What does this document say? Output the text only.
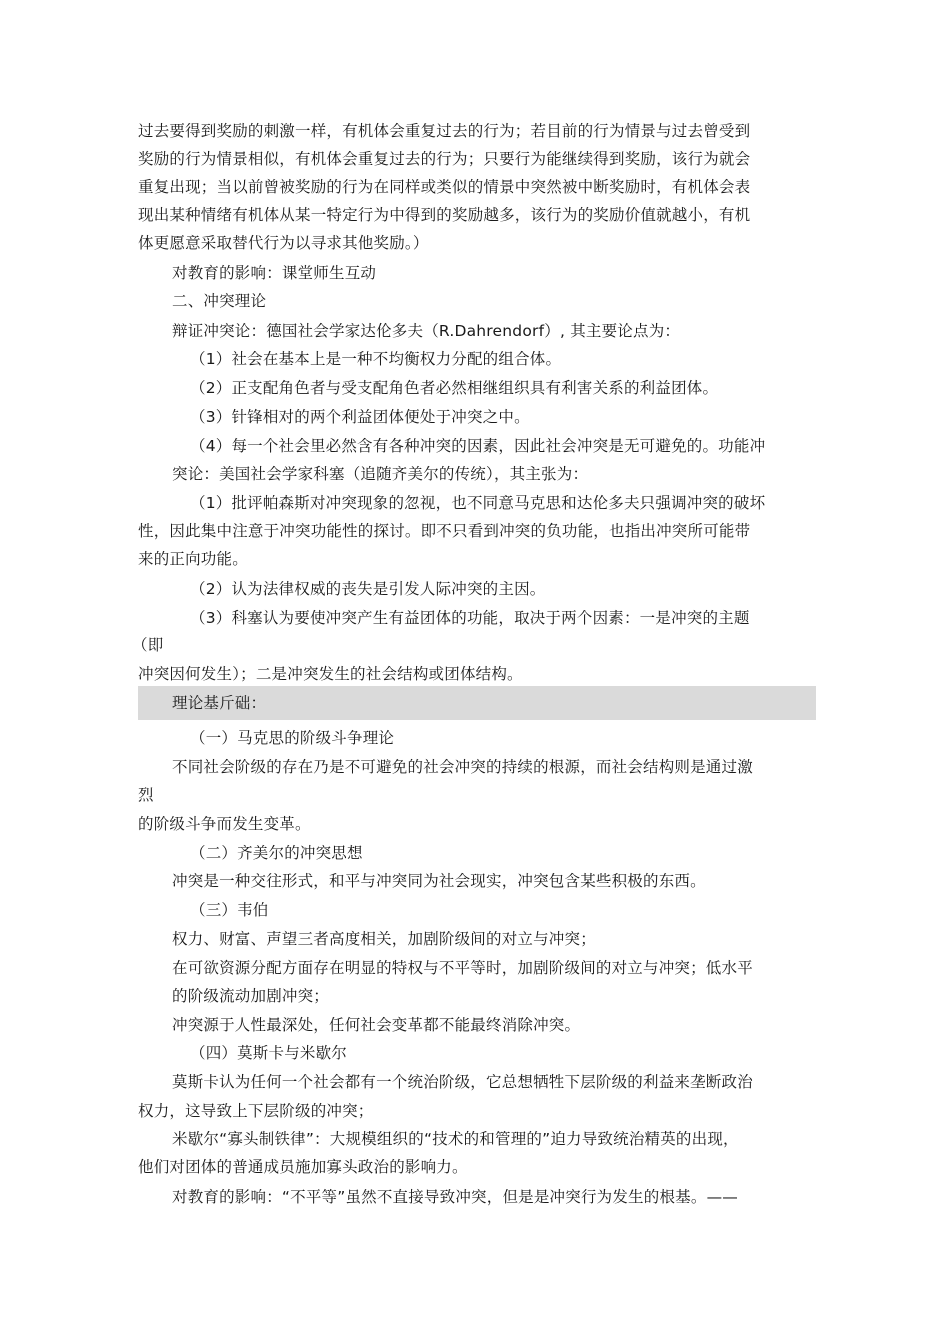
过去要得到奖励的刺激一样，有机体会重复过去的行为；若目前的行为情景与过去曾受到
奖励的行为情景相似，有机体会重复过去的行为；只要行为能继续得到奖励，该行为就会
重复出现；当以前曾被奖励的行为在同样或类似的情景中突然被中断奖励时，有机体会表
现出某种情绪有机体从某一特定行为中得到的奖励越多，该行为的奖励价值就越小，有机
体更愿意采取替代行为以寻求其他奖励。）
对教育的影响：课堂师生互动
二、冲突理论
辩证冲突论：德国社会学家达伦多夫（R.Dahrendorf）, 其主要论点为：
（1）社会在基本上是一种不均衡权力分配的组合体。
（2）正支配角色者与受支配角色者必然相继组织具有利害关系的利益团体。
（3）针锋相对的两个利益团体便处于冲突之中。
（4）每一个社会里必然含有各种冲突的因素，因此社会冲突是无可避免的。功能冲
突论：美国社会学家科塞（追随齐美尔的传统），其主张为：
（1）批评帕森斯对冲突现象的忽视，也不同意马克思和达伦多夫只强调冲突的破坏
性，因此集中注意于冲突功能性的探讨。即不只看到冲突的负功能，也指出冲突所可能带
来的正向功能。
（2）认为法律权威的丧失是引发人际冲突的主因。
（3）科塞认为要使冲突产生有益团体的功能，取决于两个因素：一是冲突的主题
（即
冲突因何发生）；二是冲突发生的社会结构或团体结构。
理论基斤础：
（一）马克思的阶级斗争理论
不同社会阶级的存在乃是不可避免的社会冲突的持续的根源，而社会结构则是通过激
烈
的阶级斗争而发生变革。
（二）齐美尔的冲突思想
冲突是一种交往形式，和平与冲突同为社会现实，冲突包含某些积极的东西。
（三）韦伯
权力、财富、声望三者高度相关，加剧阶级间的对立与冲突；
在可欲资源分配方面存在明显的特权与不平等时，加剧阶级间的对立与冲突；低水平
的阶级流动加剧冲突；
冲突源于人性最深处，任何社会变革都不能最终消除冲突。
（四）莫斯卡与米歇尔
莫斯卡认为任何一个社会都有一个统治阶级，它总想牺牲下层阶级的利益来垄断政治
权力，这导致上下层阶级的冲突；
米歇尔“寡头制铁律”：大规模组织的“技术的和管理的”迫力导致统治精英的出现，
他们对团体的普通成员施加寡头政治的影响力。
对教育的影响：“不平等”虽然不直接导致冲突，但是是冲突行为发生的根基。——
